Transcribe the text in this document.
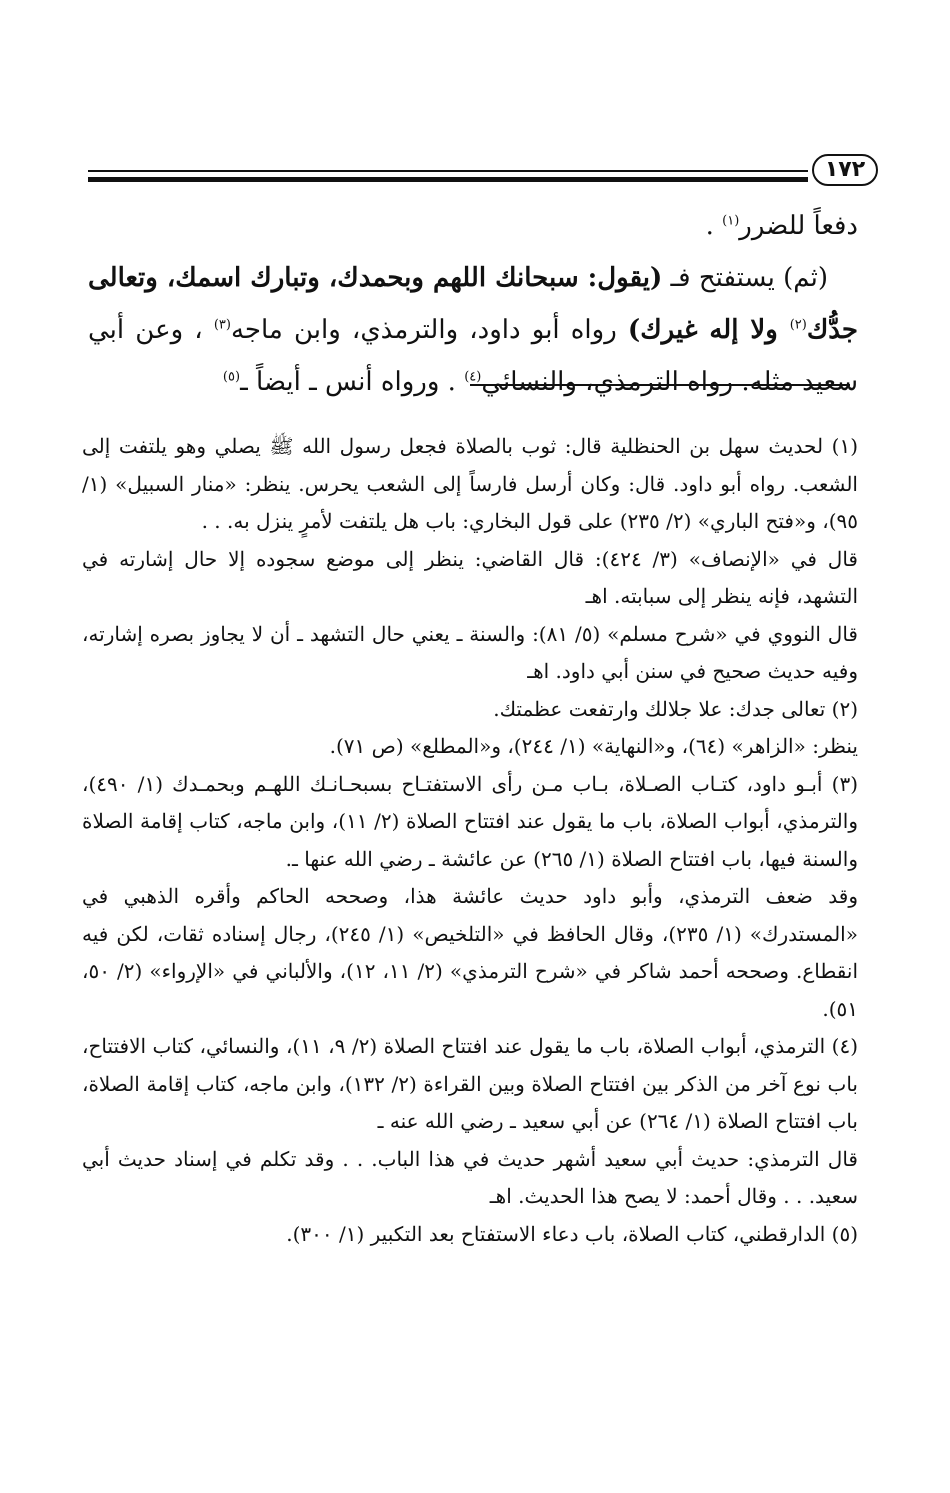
١٧٢

دفعاً للضرر$^{(١)}$ .

(ثم) يستفتح فـ (يقول: سبحانك اللهم وبحمدك، وتبارك اسمك، وتعالى جدُّك$^{(٢)}$ ولا إله غيرك) رواه أبو داود، والترمذي، وابن ماجه$^{(٣)}$ ، وعن أبي سعيد مثله. رواه الترمذي، والنسائي$^{(٤)}$ . ورواه أنس ـ أيضاً ـ$^{(٥)}$

(١) لحديث سهل بن الحنظلية قال: ثوب بالصلاة فجعل رسول الله ﷺ يصلي وهو يلتفت إلى الشعب. رواه أبو داود. قال: وكان أرسل فارساً إلى الشعب يحرس. ينظر: «منار السبيل» (١/ ٩٥)، و«فتح الباري» (٢/ ٢٣٥) على قول البخاري: باب هل يلتفت لأمرٍ ينزل به. . .

قال في «الإنصاف» (٣/ ٤٢٤): قال القاضي: ينظر إلى موضع سجوده إلا حال إشارته في التشهد، فإنه ينظر إلى سبابته. اهـ

قال النووي في «شرح مسلم» (٥/ ٨١): والسنة ـ يعني حال التشهد ـ أن لا يجاوز بصره إشارته، وفيه حديث صحيح في سنن أبي داود. اهـ

(٢) تعالى جدك: علا جلالك وارتفعت عظمتك.

ينظر: «الزاهر» (٦٤)، و«النهاية» (١/ ٢٤٤)، و«المطلع» (ص ٧١).

(٣) أبـو داود، كتـاب الصـلاة، بـاب مـن رأى الاستفتـاح بسبحـانـك اللهـم وبحمـدك (١/ ٤٩٠)، والترمذي، أبواب الصلاة، باب ما يقول عند افتتاح الصلاة (٢/ ١١)، وابن ماجه، كتاب إقامة الصلاة والسنة فيها، باب افتتاح الصلاة (١/ ٢٦٥) عن عائشة ـ رضي الله عنها ـ.

وقد ضعف الترمذي، وأبو داود حديث عائشة هذا، وصححه الحاكم وأقره الذهبي في «المستدرك» (١/ ٢٣٥)، وقال الحافظ في «التلخيص» (١/ ٢٤٥)، رجال إسناده ثقات، لكن فيه انقطاع. وصححه أحمد شاكر في «شرح الترمذي» (٢/ ١١، ١٢)، والألباني في «الإرواء» (٢/ ٥٠، ٥١).

(٤) الترمذي، أبواب الصلاة، باب ما يقول عند افتتاح الصلاة (٢/ ٩، ١١)، والنسائي، كتاب الافتتاح، باب نوع آخر من الذكر بين افتتاح الصلاة وبين القراءة (٢/ ١٣٢)، وابن ماجه، كتاب إقامة الصلاة، باب افتتاح الصلاة (١/ ٢٦٤) عن أبي سعيد ـ رضي الله عنه ـ

قال الترمذي: حديث أبي سعيد أشهر حديث في هذا الباب. . . وقد تكلم في إسناد حديث أبي سعيد. . . وقال أحمد: لا يصح هذا الحديث. اهـ

(٥) الدارقطني، كتاب الصلاة، باب دعاء الاستفتاح بعد التكبير (١/ ٣٠٠).
